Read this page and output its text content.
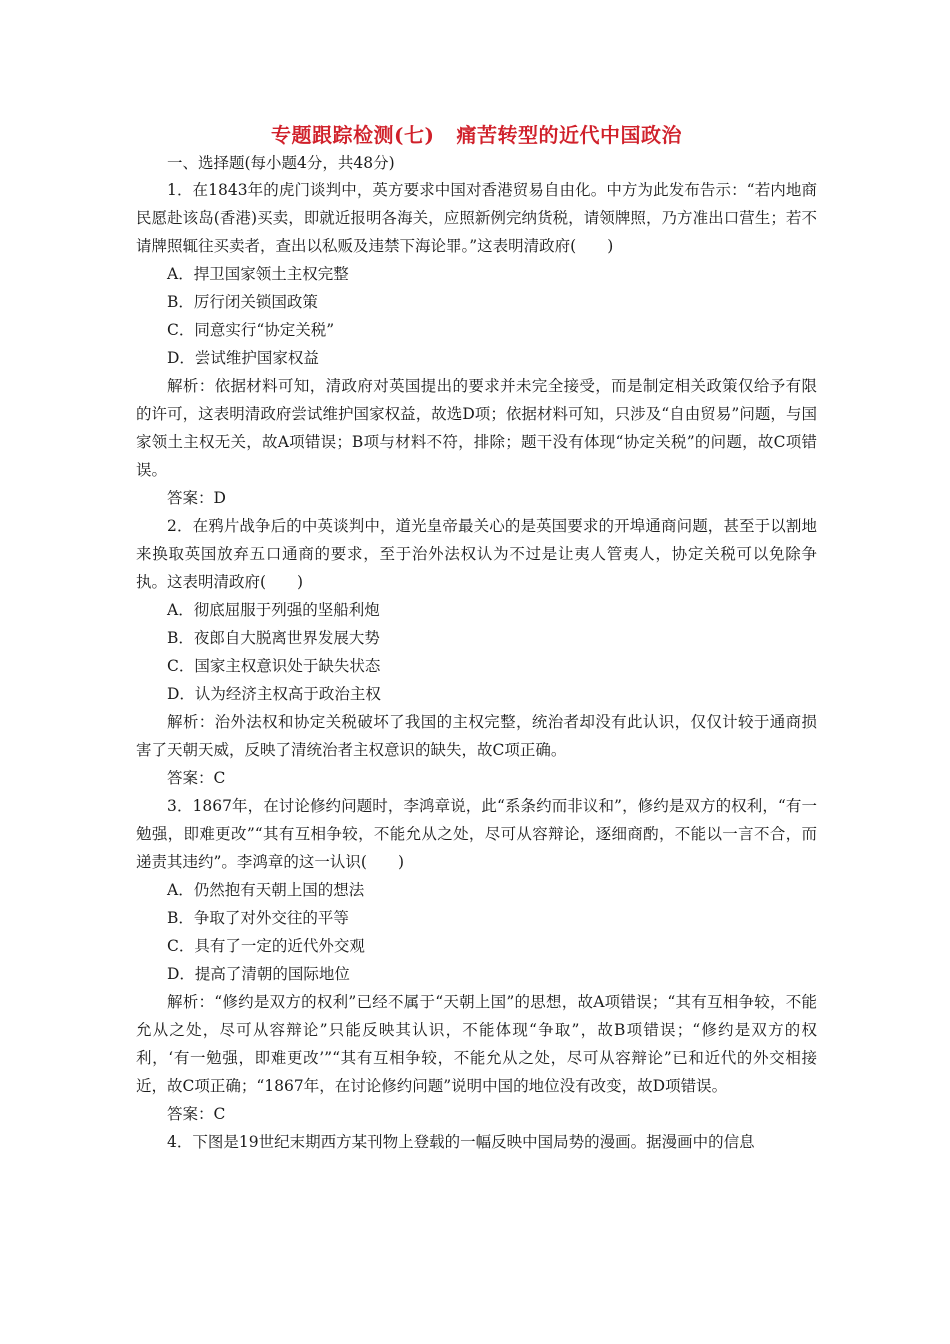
专题跟踪检测(七) 痛苦转型的近代中国政治

一、选择题(每小题4分，共48分)

1．在1843年的虎门谈判中，英方要求中国对香港贸易自由化。中方为此发布告示：“若内地商民愿赴该岛(香港)买卖，即就近报明各海关，应照新例完纳货税，请领牌照，乃方准出口营生；若不请牌照辄往买卖者，查出以私贩及违禁下海论罪。”这表明清政府(　　)

A．捍卫国家领土主权完整

B．厉行闭关锁国政策

C．同意实行“协定关税”

D．尝试维护国家权益

解析：依据材料可知，清政府对英国提出的要求并未完全接受，而是制定相关政策仅给予有限的许可，这表明清政府尝试维护国家权益，故选D项；依据材料可知，只涉及“自由贸易”问题，与国家领土主权无关，故A项错误；B项与材料不符，排除；题干没有体现“协定关税”的问题，故C项错误。

答案：D

2．在鸦片战争后的中英谈判中，道光皇帝最关心的是英国要求的开埠通商问题，甚至于以割地来换取英国放弃五口通商的要求，至于治外法权认为不过是让夷人管夷人，协定关税可以免除争执。这表明清政府(　　)

A．彻底屈服于列强的坚船利炮

B．夜郎自大脱离世界发展大势

C．国家主权意识处于缺失状态

D．认为经济主权高于政治主权

解析：治外法权和协定关税破坏了我国的主权完整，统治者却没有此认识，仅仅计较于通商损害了天朝天威，反映了清统治者主权意识的缺失，故C项正确。

答案：C

3．1867年，在讨论修约问题时，李鸿章说，此“系条约而非议和”，修约是双方的权利，“有一勉强，即难更改”“其有互相争较，不能允从之处，尽可从容辩论，逐细商酌，不能以一言不合，而递责其违约”。李鸿章的这一认识(　　)

A．仍然抱有天朝上国的想法

B．争取了对外交往的平等

C．具有了一定的近代外交观

D．提高了清朝的国际地位

解析：“修约是双方的权利”已经不属于“天朝上国”的思想，故A项错误；“其有互相争较，不能允从之处，尽可从容辩论”只能反映其认识，不能体现“争取”，故B项错误；“修约是双方的权利，‘有一勉强，即难更改’”“其有互相争较，不能允从之处，尽可从容辩论”已和近代的外交相接近，故C项正确；“1867年，在讨论修约问题”说明中国的地位没有改变，故D项错误。

答案：C

4．下图是19世纪末期西方某刊物上登载的一幅反映中国局势的漫画。据漫画中的信息
